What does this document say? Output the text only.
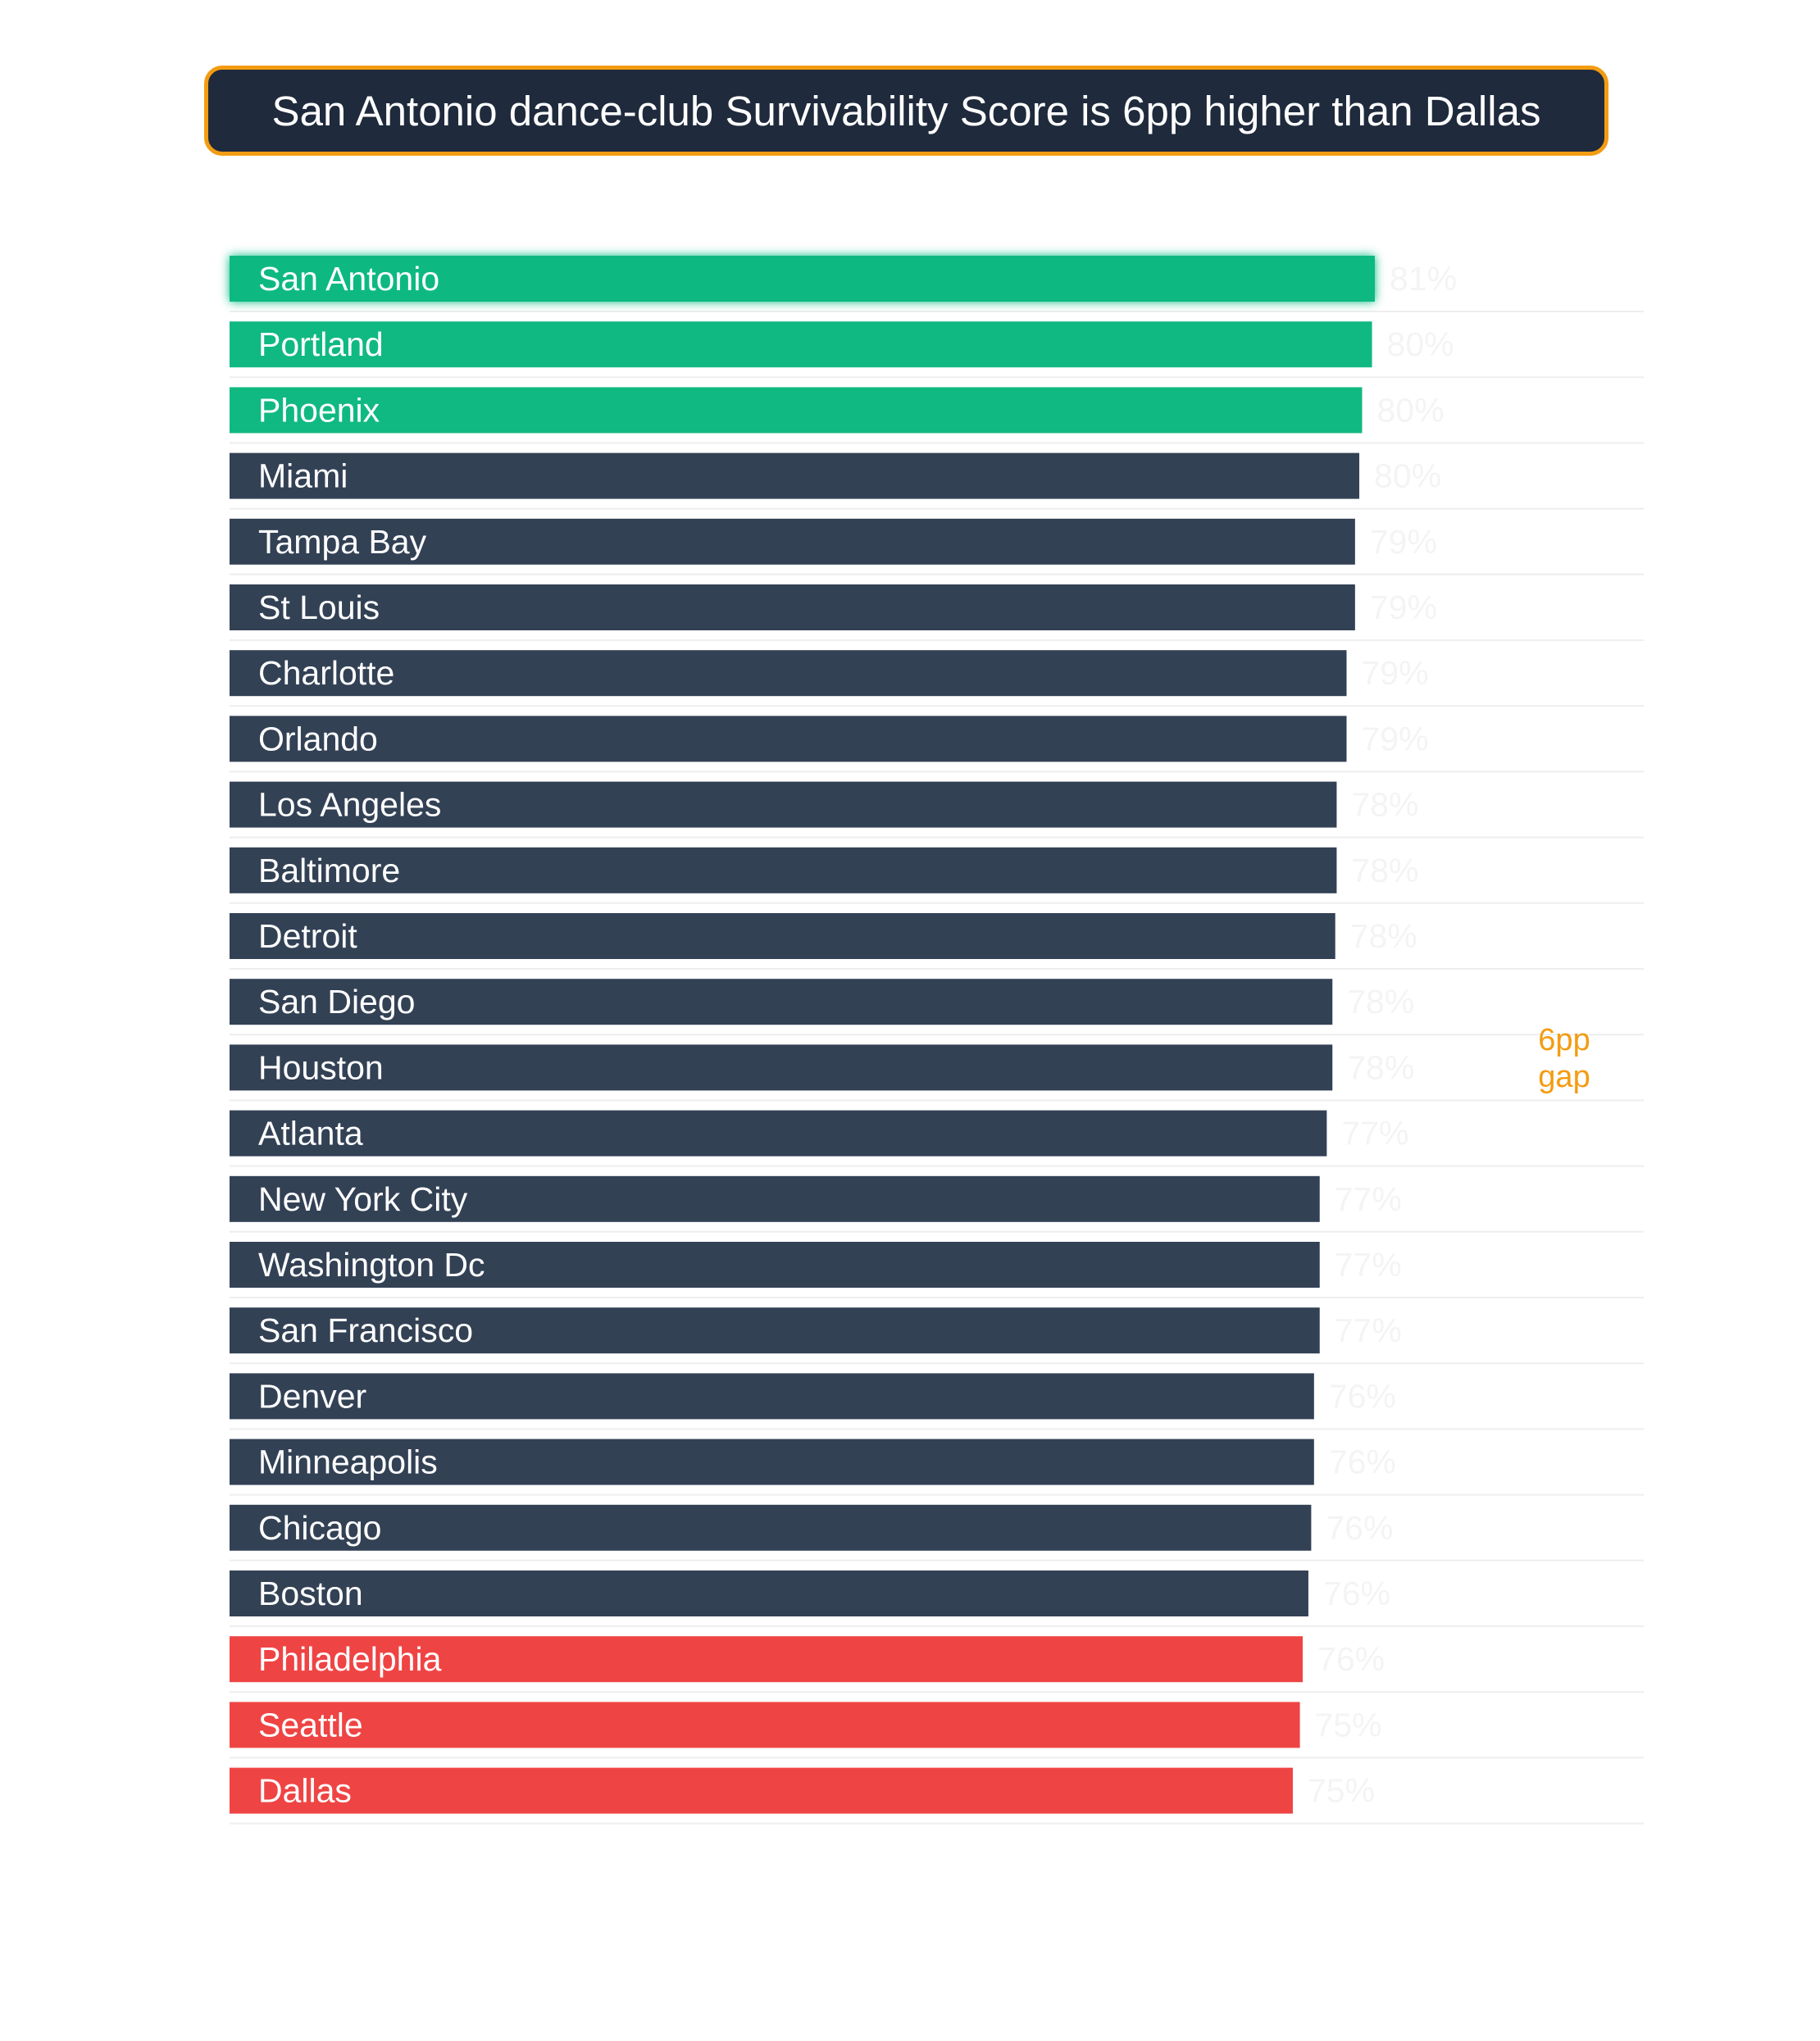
San Antonio dance-club Survivability Score is 6pp higher than Dallas
San Antonio
Portland
Phoenix
Miami
Tampa Bay
St Louis
Charlotte
Orlando
Los Angeles
Baltimore
Detroit
San Diego
Houston
Atlanta
New York City
Washington Dc
San Francisco
Denver
Minneapolis
Chicago
Boston
Philadelphia
Seattle
Dallas
81%
80%
80%
80%
79%
79%
79%
79%
78%
78%
78%
78%
78%
77%
77%
77%
77%
76%
76%
76%
76%
76%
75%
75%
6pp
gap
